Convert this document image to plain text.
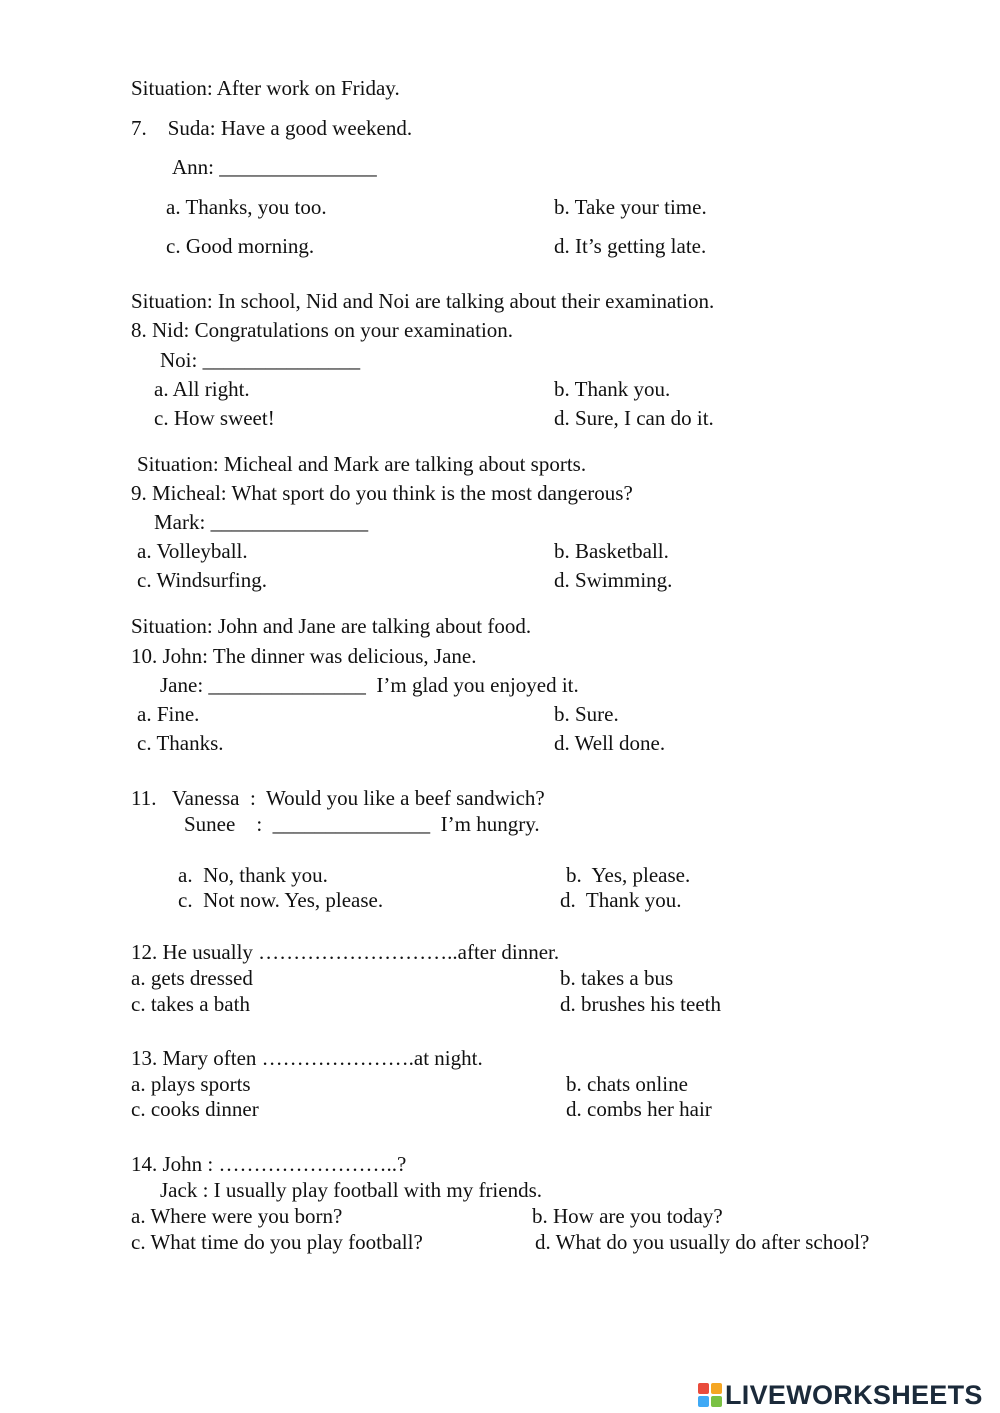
Situation: After work on Friday.
7.    Suda: Have a good weekend.
Ann: _______________
a. Thanks, you too.	b. Take your time.
c. Good morning.	d. It’s getting late.
Situation: In school, Nid and Noi are talking about their examination.
8. Nid: Congratulations on your examination.
Noi: _______________
a. All right.	b. Thank you.
c. How sweet!	d. Sure, I can do it.
Situation: Micheal and Mark are talking about sports.
9. Micheal: What sport do you think is the most dangerous?
Mark: _______________
a. Volleyball.	b. Basketball.
c. Windsurfing.	d. Swimming.
Situation: John and Jane are talking about food.
10. John: The dinner was delicious, Jane.
Jane: _______________  I’m glad you enjoyed it.
a. Fine.	b. Sure.
c. Thanks.	d. Well done.
11.   Vanessa  :  Would you like a beef sandwich?
Sunee    :  _______________  I’m hungry.
a.  No, thank you.	b.  Yes, please.
c.  Not now. Yes, please.	d.  Thank you.
12. He usually ………………………..after dinner.
a. gets dressed	b. takes a bus
c. takes a bath	d. brushes his teeth
13. Mary often ………………….at night.
a. plays sports	b. chats online
c. cooks dinner	d. combs her hair
14. John : ……………………..?
Jack : I usually play football with my friends.
a. Where were you born?	b. How are you today?
c. What time do you play football?	d. What do you usually do after school?
LIVEWORKSHEETS
